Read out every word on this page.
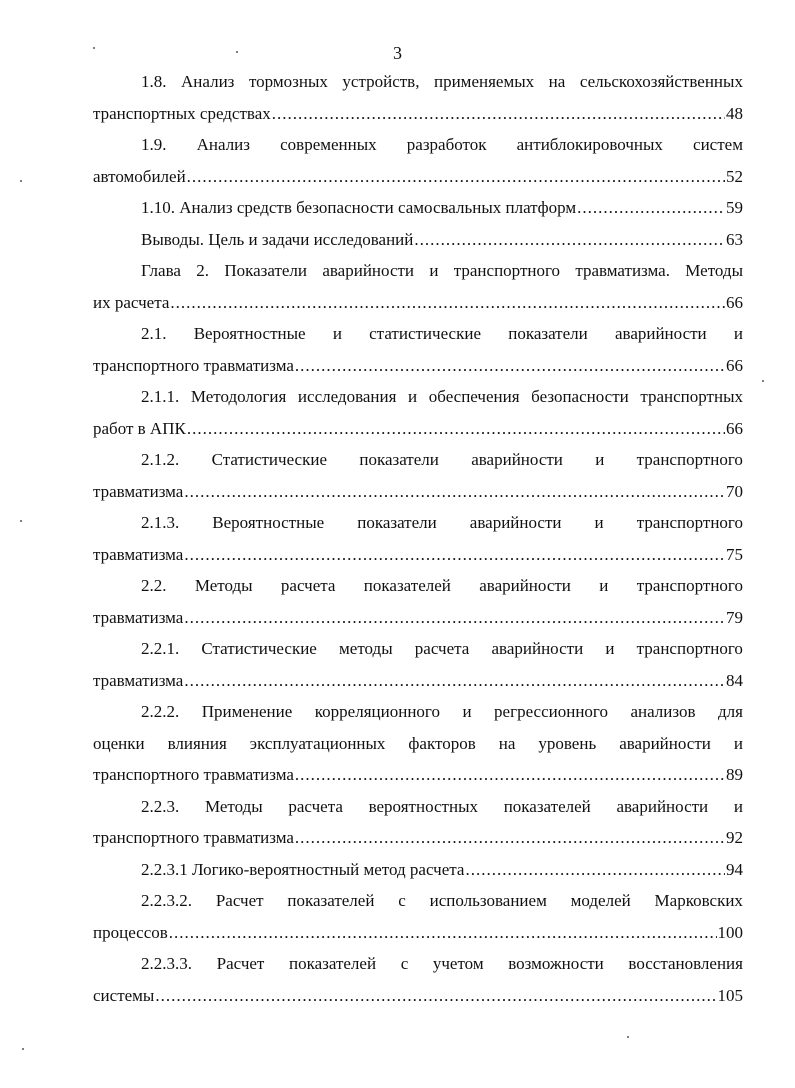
3
1.8. Анализ тормозных устройств, применяемых на сельскохозяйственных
транспортных средствах .....	48
1.9. Анализ современных разработок антиблокировочных систем
автомобилей .....	52
1.10. Анализ средств безопасности самосвальных платформ .....	59
Выводы. Цель и задачи исследований .....	63
Глава 2. Показатели аварийности и транспортного травматизма. Методы
их расчета .....	66
2.1. Вероятностные и статистические показатели аварийности и
транспортного травматизма .....	66
2.1.1. Методология исследования и обеспечения безопасности транспортных
работ в АПК .....	66
2.1.2. Статистические показатели аварийности и транспортного
травматизма .....	70
2.1.3. Вероятностные показатели аварийности и транспортного
травматизма .....	75
2.2. Методы расчета показателей аварийности и транспортного
травматизма .....	79
2.2.1. Статистические методы расчета аварийности и транспортного
травматизма .....	84
2.2.2. Применение корреляционного и регрессионного анализов для
оценки влияния эксплуатационных факторов на уровень аварийности и
транспортного травматизма .....	89
2.2.3. Методы расчета вероятностных показателей аварийности и
транспортного травматизма .....	92
2.2.3.1 Логико-вероятностный метод расчета .....	94
2.2.3.2. Расчет показателей с использованием моделей Марковских
процессов .....	100
2.2.3.3. Расчет показателей с учетом возможности восстановления
системы .....	105
